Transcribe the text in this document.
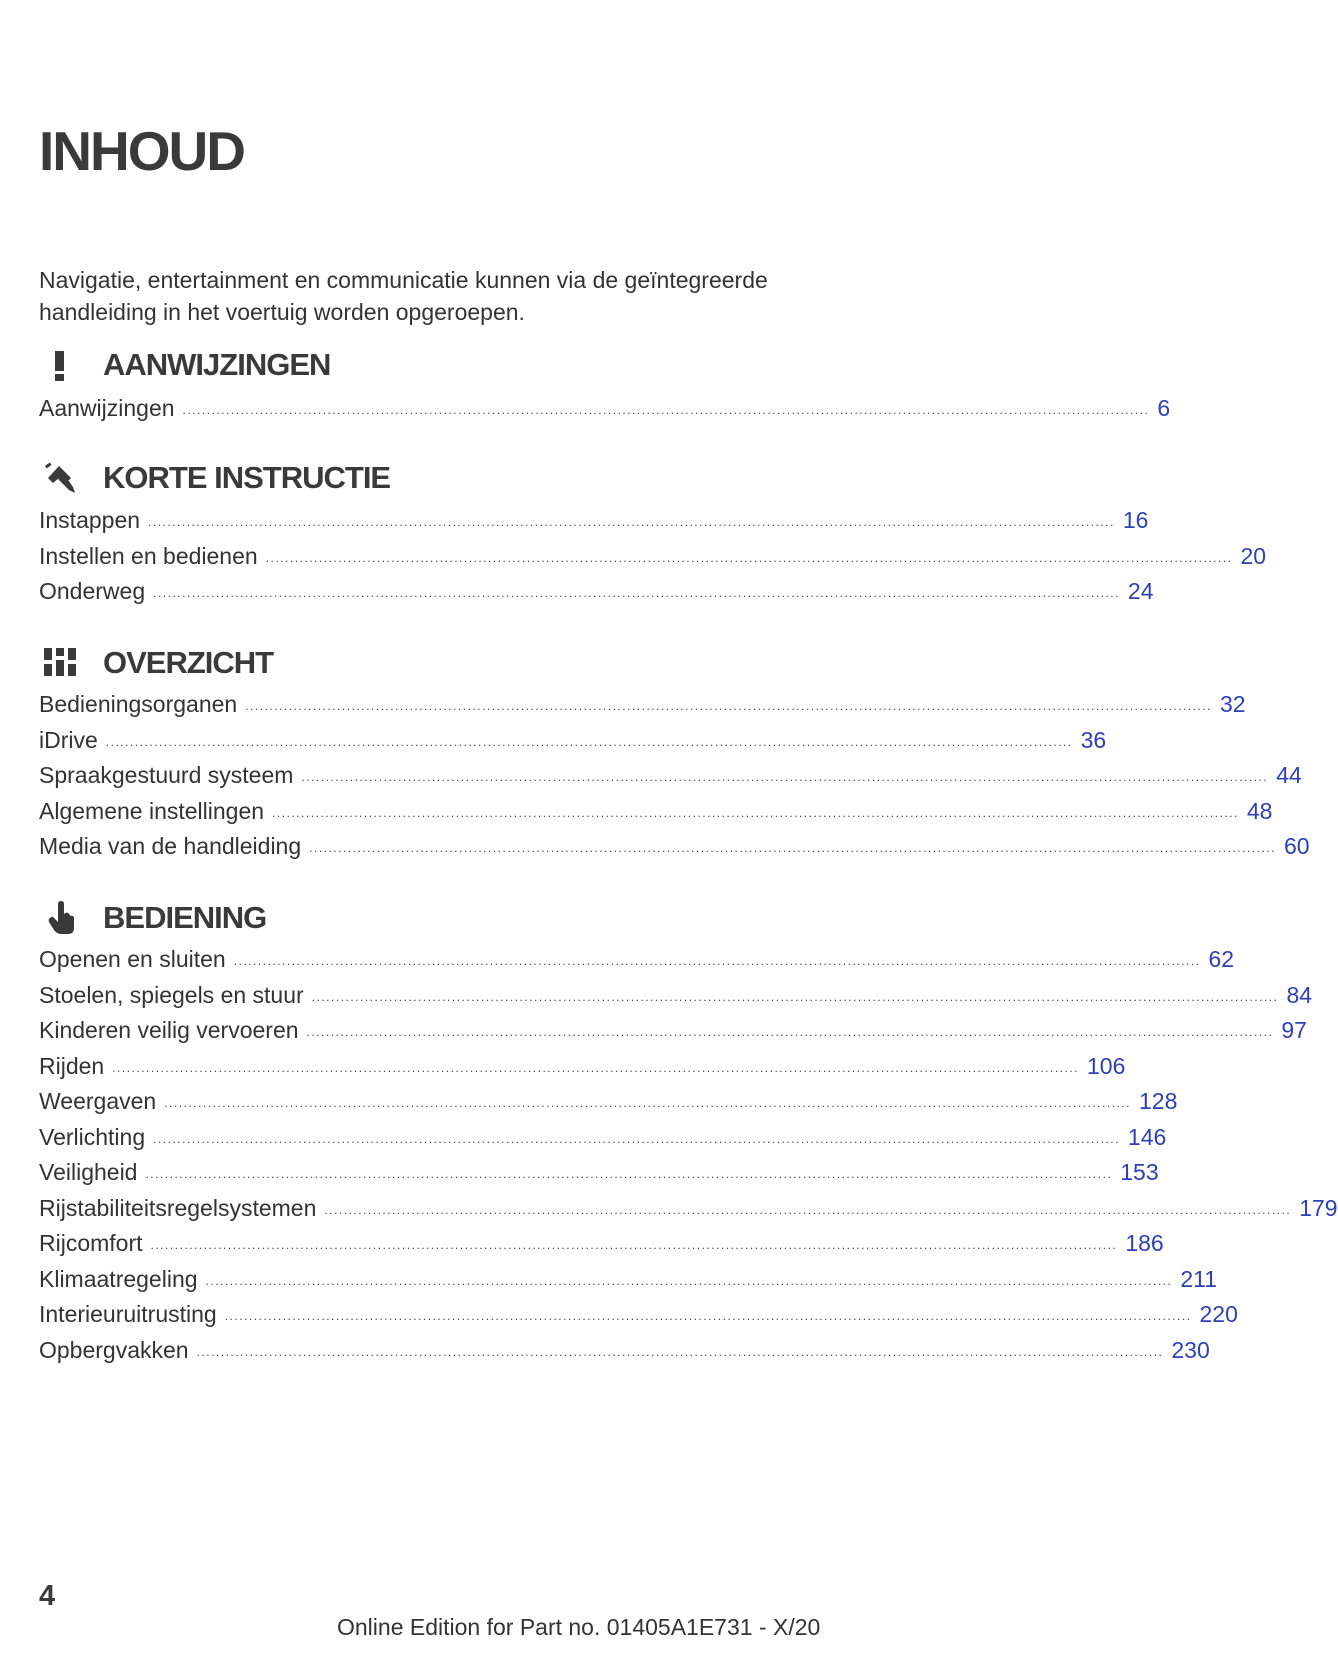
INHOUD

Navigatie, entertainment en communicatie kunnen via de geïntegreerde handleiding in het voertuig worden opgeroepen.

AANWIJZINGEN
Aanwijzingen ........................................................................................................................................................................................................ 6
KORTE INSTRUCTIE
Instappen ........................................................................................................................................................................................................ 16
Instellen en bedienen ........................................................................................................................................................................................................ 20
Onderweg ........................................................................................................................................................................................................ 24
OVERZICHT
Bedieningsorganen ........................................................................................................................................................................................................ 32
iDrive ........................................................................................................................................................................................................ 36
Spraakgestuurd systeem ........................................................................................................................................................................................................ 44
Algemene instellingen ........................................................................................................................................................................................................ 48
Media van de handleiding ........................................................................................................................................................................................................ 60
BEDIENING
Openen en sluiten ........................................................................................................................................................................................................ 62
Stoelen, spiegels en stuur ........................................................................................................................................................................................................ 84
Kinderen veilig vervoeren ........................................................................................................................................................................................................ 97
Rijden ........................................................................................................................................................................................................ 106
Weergaven ........................................................................................................................................................................................................ 128
Verlichting ........................................................................................................................................................................................................ 146
Veiligheid ........................................................................................................................................................................................................ 153
Rijstabiliteitsregelsystemen ........................................................................................................................................................................................................ 179
Rijcomfort ........................................................................................................................................................................................................ 186
Klimaatregeling ........................................................................................................................................................................................................ 211
Interieuruitrusting ........................................................................................................................................................................................................ 220
Opbergvakken ........................................................................................................................................................................................................ 230
4
Online Edition for Part no. 01405A1E731 - X/20
